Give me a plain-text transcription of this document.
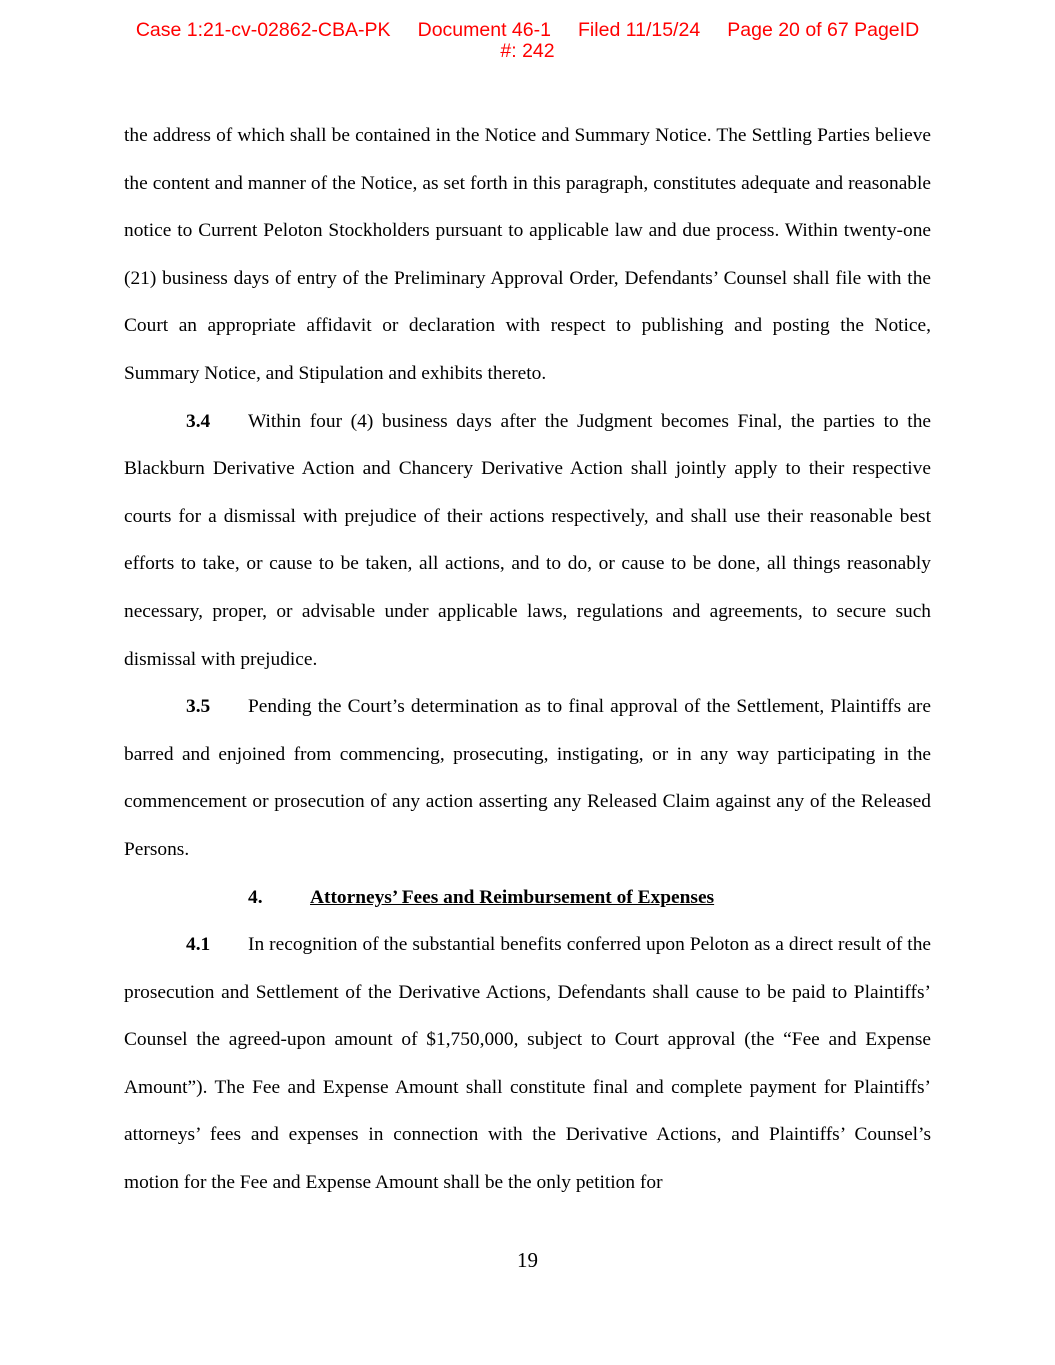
Case 1:21-cv-02862-CBA-PK     Document 46-1     Filed 11/15/24     Page 20 of 67 PageID
#: 242

the address of which shall be contained in the Notice and Summary Notice. The Settling Parties believe the content and manner of the Notice, as set forth in this paragraph, constitutes adequate and reasonable notice to Current Peloton Stockholders pursuant to applicable law and due process. Within twenty-one (21) business days of entry of the Preliminary Approval Order, Defendants’ Counsel shall file with the Court an appropriate affidavit or declaration with respect to publishing and posting the Notice, Summary Notice, and Stipulation and exhibits thereto.

3.4 Within four (4) business days after the Judgment becomes Final, the parties to the Blackburn Derivative Action and Chancery Derivative Action shall jointly apply to their respective courts for a dismissal with prejudice of their actions respectively, and shall use their reasonable best efforts to take, or cause to be taken, all actions, and to do, or cause to be done, all things reasonably necessary, proper, or advisable under applicable laws, regulations and agreements, to secure such dismissal with prejudice.

3.5 Pending the Court’s determination as to final approval of the Settlement, Plaintiffs are barred and enjoined from commencing, prosecuting, instigating, or in any way participating in the commencement or prosecution of any action asserting any Released Claim against any of the Released Persons.

4. Attorneys’ Fees and Reimbursement of Expenses

4.1 In recognition of the substantial benefits conferred upon Peloton as a direct result of the prosecution and Settlement of the Derivative Actions, Defendants shall cause to be paid to Plaintiffs’ Counsel the agreed-upon amount of $1,750,000, subject to Court approval (the “Fee and Expense Amount”). The Fee and Expense Amount shall constitute final and complete payment for Plaintiffs’ attorneys’ fees and expenses in connection with the Derivative Actions, and Plaintiffs’ Counsel’s motion for the Fee and Expense Amount shall be the only petition for

19
